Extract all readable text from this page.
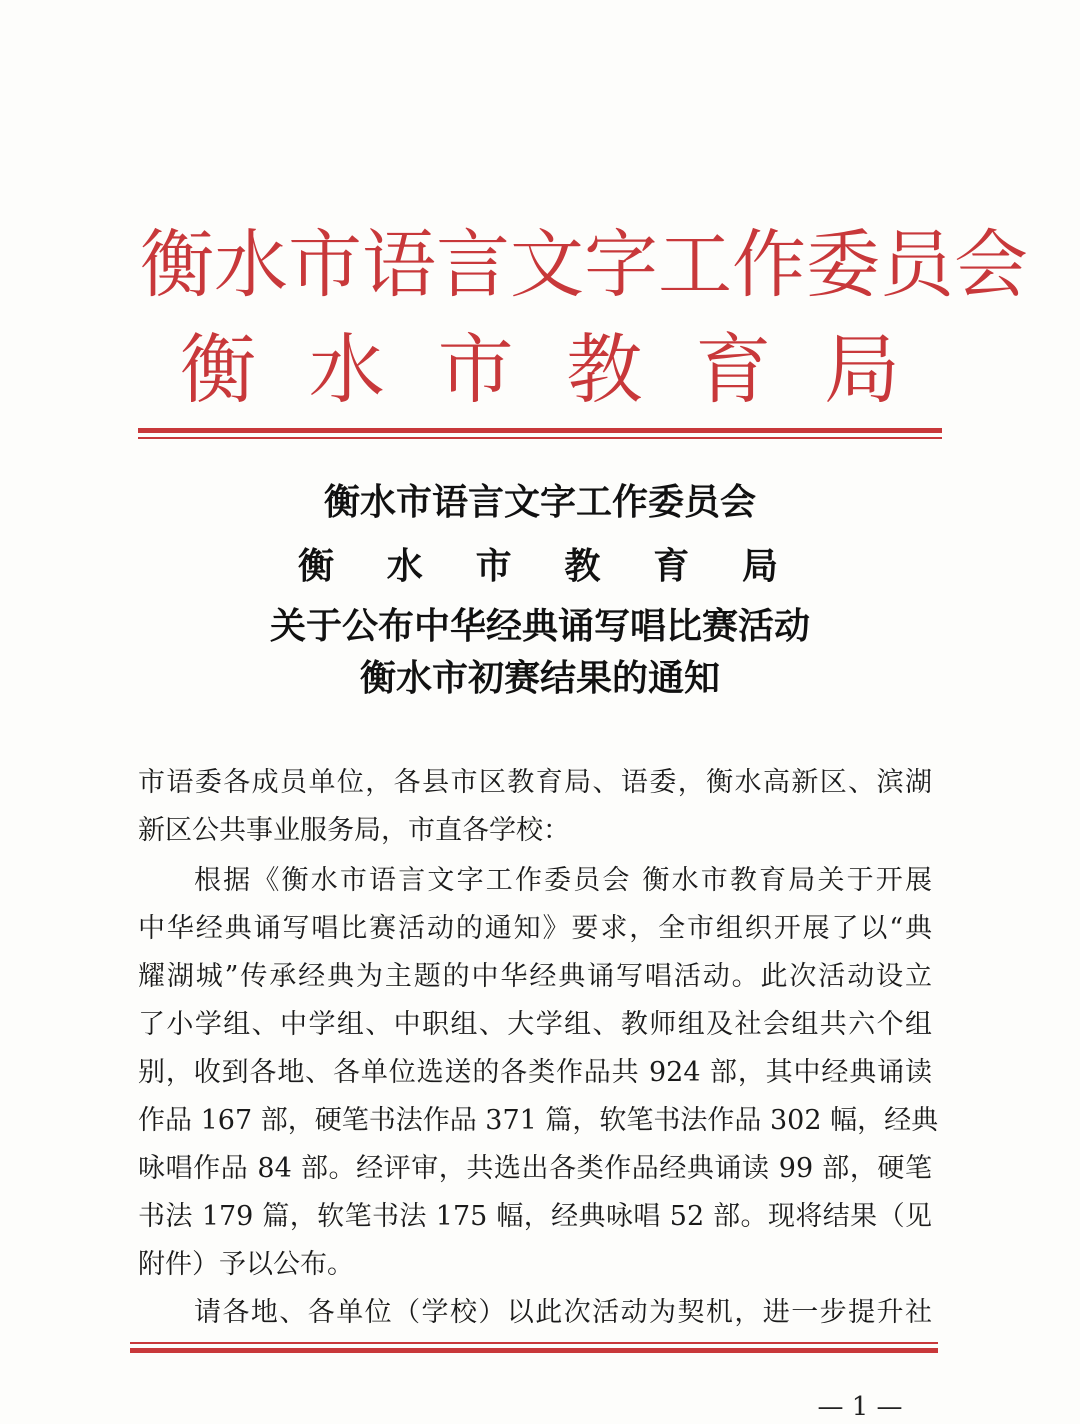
衡水市语言文字工作委员会
衡 水 市 教 育 局
衡水市语言文字工作委员会
衡 水 市 教 育 局
关于公布中华经典诵写唱比赛活动
衡水市初赛结果的通知
市语委各成员单位，各县市区教育局、语委，衡水高新区、滨湖
新区公共事业服务局，市直各学校：
根据《衡水市语言文字工作委员会 衡水市教育局关于开展
中华经典诵写唱比赛活动的通知》要求，全市组织开展了以“典
耀湖城”传承经典为主题的中华经典诵写唱活动。此次活动设立
了小学组、中学组、中职组、大学组、教师组及社会组共六个组
别，收到各地、各单位选送的各类作品共 924 部，其中经典诵读
作品 167 部，硬笔书法作品 371 篇，软笔书法作品 302 幅，经典
咏唱作品 84 部。经评审，共选出各类作品经典诵读 99 部，硬笔
书法 179 篇，软笔书法 175 幅，经典咏唱 52 部。现将结果（见
附件）予以公布。
请各地、各单位（学校）以此次活动为契机，进一步提升社
— 1 —
